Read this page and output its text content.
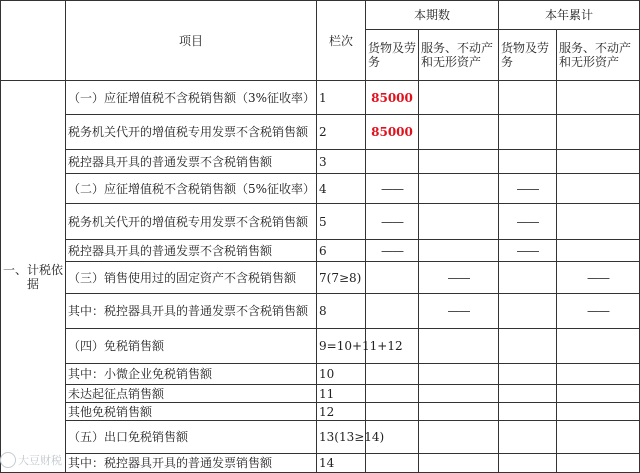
	项目	栏次	本期数		本年累计	
			货物及劳务	服务、不动产和无形资产	货物及劳务	服务、不动产和无形资产

一、计税依据	（一）应征增值税不含税销售额（3%征收率）	1	85000			
	税务机关代开的增值税专用发票不含税销售额	2	85000			
	税控器具开具的普通发票不含税销售额	3				
	（二）应征增值税不含税销售额（5%征收率）	4	——		——	
	税务机关代开的增值税专用发票不含税销售额	5	——		——	
	税控器具开具的普通发票不含税销售额	6	——		——	
	（三）销售使用过的固定资产不含税销售额	7(7≥8)		——		——
	其中：税控器具开具的普通发票不含税销售额	8		——		——
	（四）免税销售额	9=10+11+12				
	其中：小微企业免税销售额	10				
	未达起征点销售额	11				
	其他免税销售额	12				
	（五）出口免税销售额	13(13≥14)				
	其中：税控器具开具的普通发票销售额	14				
大豆财税
